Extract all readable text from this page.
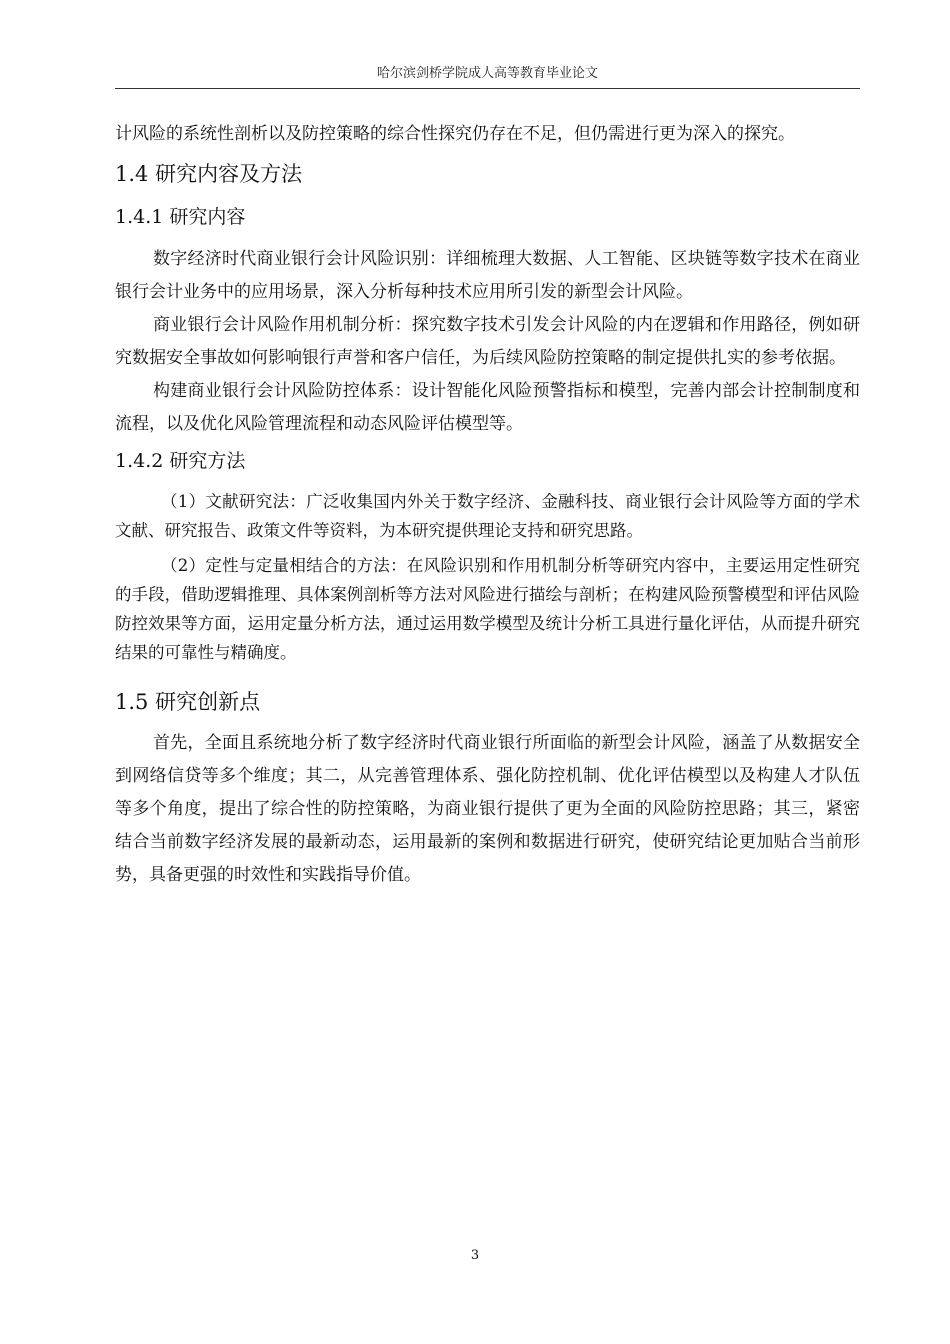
哈尔滨剑桥学院成人高等教育毕业论文

计风险的系统性剖析以及防控策略的综合性探究仍存在不足，但仍需进行更为深入的探究。

1.4 研究内容及方法
1.4.1 研究内容

数字经济时代商业银行会计风险识别：详细梳理大数据、人工智能、区块链等数字技术在商业银行会计业务中的应用场景，深入分析每种技术应用所引发的新型会计风险。

商业银行会计风险作用机制分析：探究数字技术引发会计风险的内在逻辑和作用路径，例如研究数据安全事故如何影响银行声誉和客户信任，为后续风险防控策略的制定提供扎实的参考依据。

构建商业银行会计风险防控体系：设计智能化风险预警指标和模型，完善内部会计控制制度和流程，以及优化风险管理流程和动态风险评估模型等。

1.4.2 研究方法

（1）文献研究法：广泛收集国内外关于数字经济、金融科技、商业银行会计风险等方面的学术文献、研究报告、政策文件等资料，为本研究提供理论支持和研究思路。

（2）定性与定量相结合的方法：在风险识别和作用机制分析等研究内容中，主要运用定性研究的手段，借助逻辑推理、具体案例剖析等方法对风险进行描绘与剖析；在构建风险预警模型和评估风险防控效果等方面，运用定量分析方法，通过运用数学模型及统计分析工具进行量化评估，从而提升研究结果的可靠性与精确度。

1.5 研究创新点

首先，全面且系统地分析了数字经济时代商业银行所面临的新型会计风险，涵盖了从数据安全到网络信贷等多个维度；其二，从完善管理体系、强化防控机制、优化评估模型以及构建人才队伍等多个角度，提出了综合性的防控策略，为商业银行提供了更为全面的风险防控思路；其三，紧密结合当前数字经济发展的最新动态，运用最新的案例和数据进行研究，使研究结论更加贴合当前形势，具备更强的时效性和实践指导价值。

3
